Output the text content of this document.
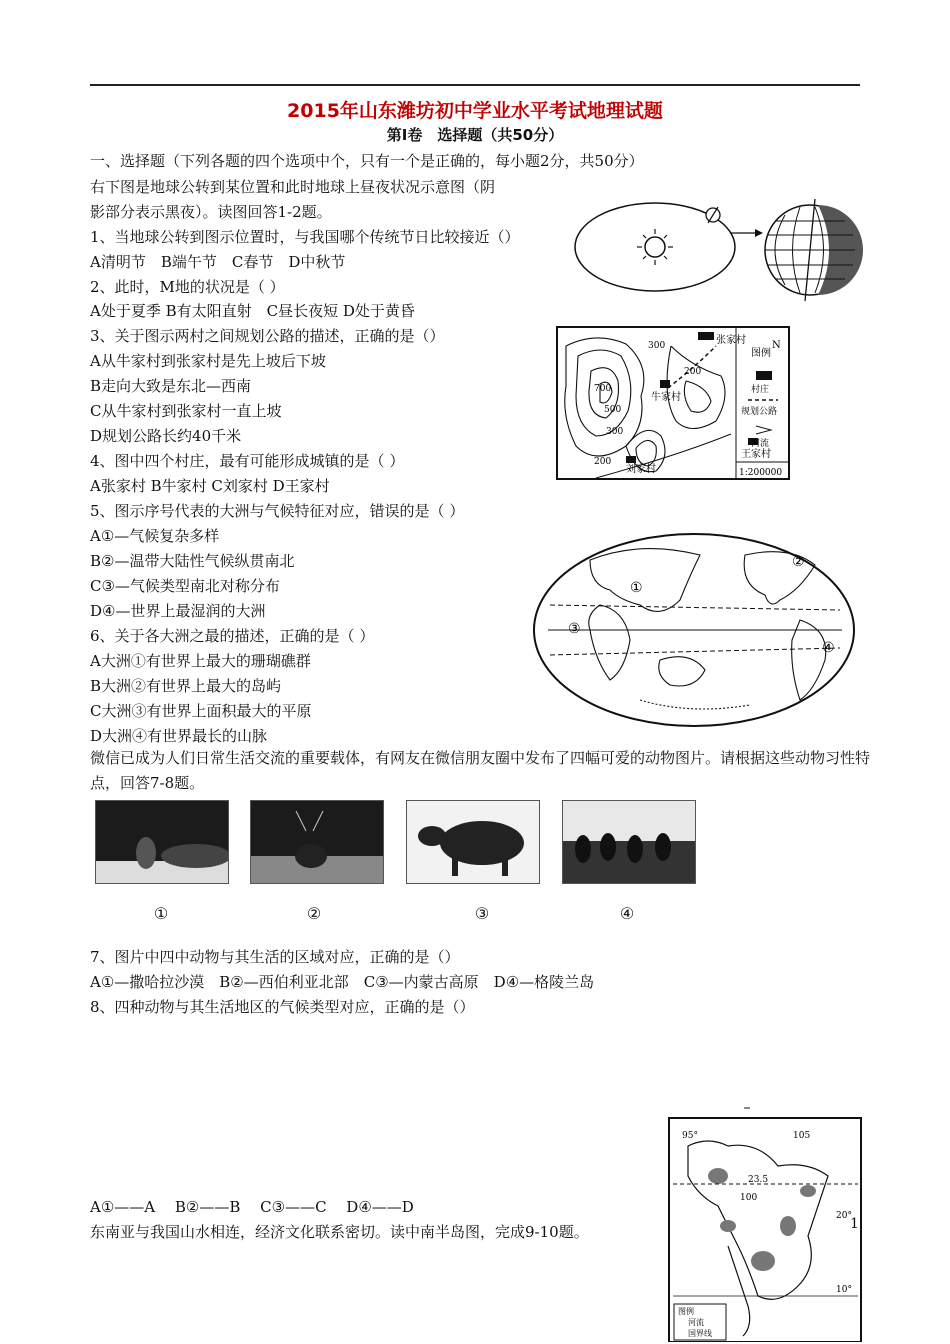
2015年山东潍坊初中学业水平考试地理试题
第Ⅰ卷　选择题（共50分）
一、选择题（下列各题的四个选项中个，只有一个是正确的，每小题2分，共50分）
右下图是地球公转到某位置和此时地球上昼夜状况示意图（阴
影部分表示黑夜）。读图回答1-2题。
1、当地球公转到图示位置时，与我国哪个传统节日比较接近（）
A清明节　B端午节　C春节　D中秋节
2、此时，M地的状况是（ ）
A处于夏季 B有太阳直射　C昼长夜短 D处于黄昏
3、关于图示两村之间规划公路的描述，正确的是（）
A从牛家村到张家村是先上坡后下坡
B走向大致是东北—西南
C从牛家村到张家村一直上坡
D规划公路长约40千米
4、图中四个村庄，最有可能形成城镇的是（ ）
A张家村 B牛家村 C刘家村 D王家村
5、图示序号代表的大洲与气候特征对应，错误的是（ ）
A①—气候复杂多样
B②—温带大陆性气候纵贯南北
C③—气候类型南北对称分布
D④—世界上最湿润的大洲
6、关于各大洲之最的描述，正确的是（ ）
A大洲①有世界上最大的珊瑚礁群
B大洲②有世界上最大的岛屿
C大洲③有世界上面积最大的平原
D大洲④有世界最长的山脉
微信已成为人们日常生活交流的重要载体，有网友在微信朋友圈中发布了四幅可爱的动物图片。请根据这些动物习性特点，回答7-8题。
张家村
牛家村
刘家村
王家村
300
200
700
500
300
200
N
图例
村庄
规划公路
河流
1:200000
①
②
③
④
①	②	③	④
7、图片中四中动物与其生活的区域对应，正确的是（）
A①—撒哈拉沙漠　B②—西伯利亚北部　C③—内蒙古高原　D④—格陵兰岛
8、四种动物与其生活地区的气候类型对应，正确的是（）
A①——A　 B②——B　 C③——C　 D④——D
东南亚与我国山水相连，经济文化联系密切。读中南半岛图，完成9-10题。
95°	105
23.5
100
20°
10°
图例
河流
国界线
1
